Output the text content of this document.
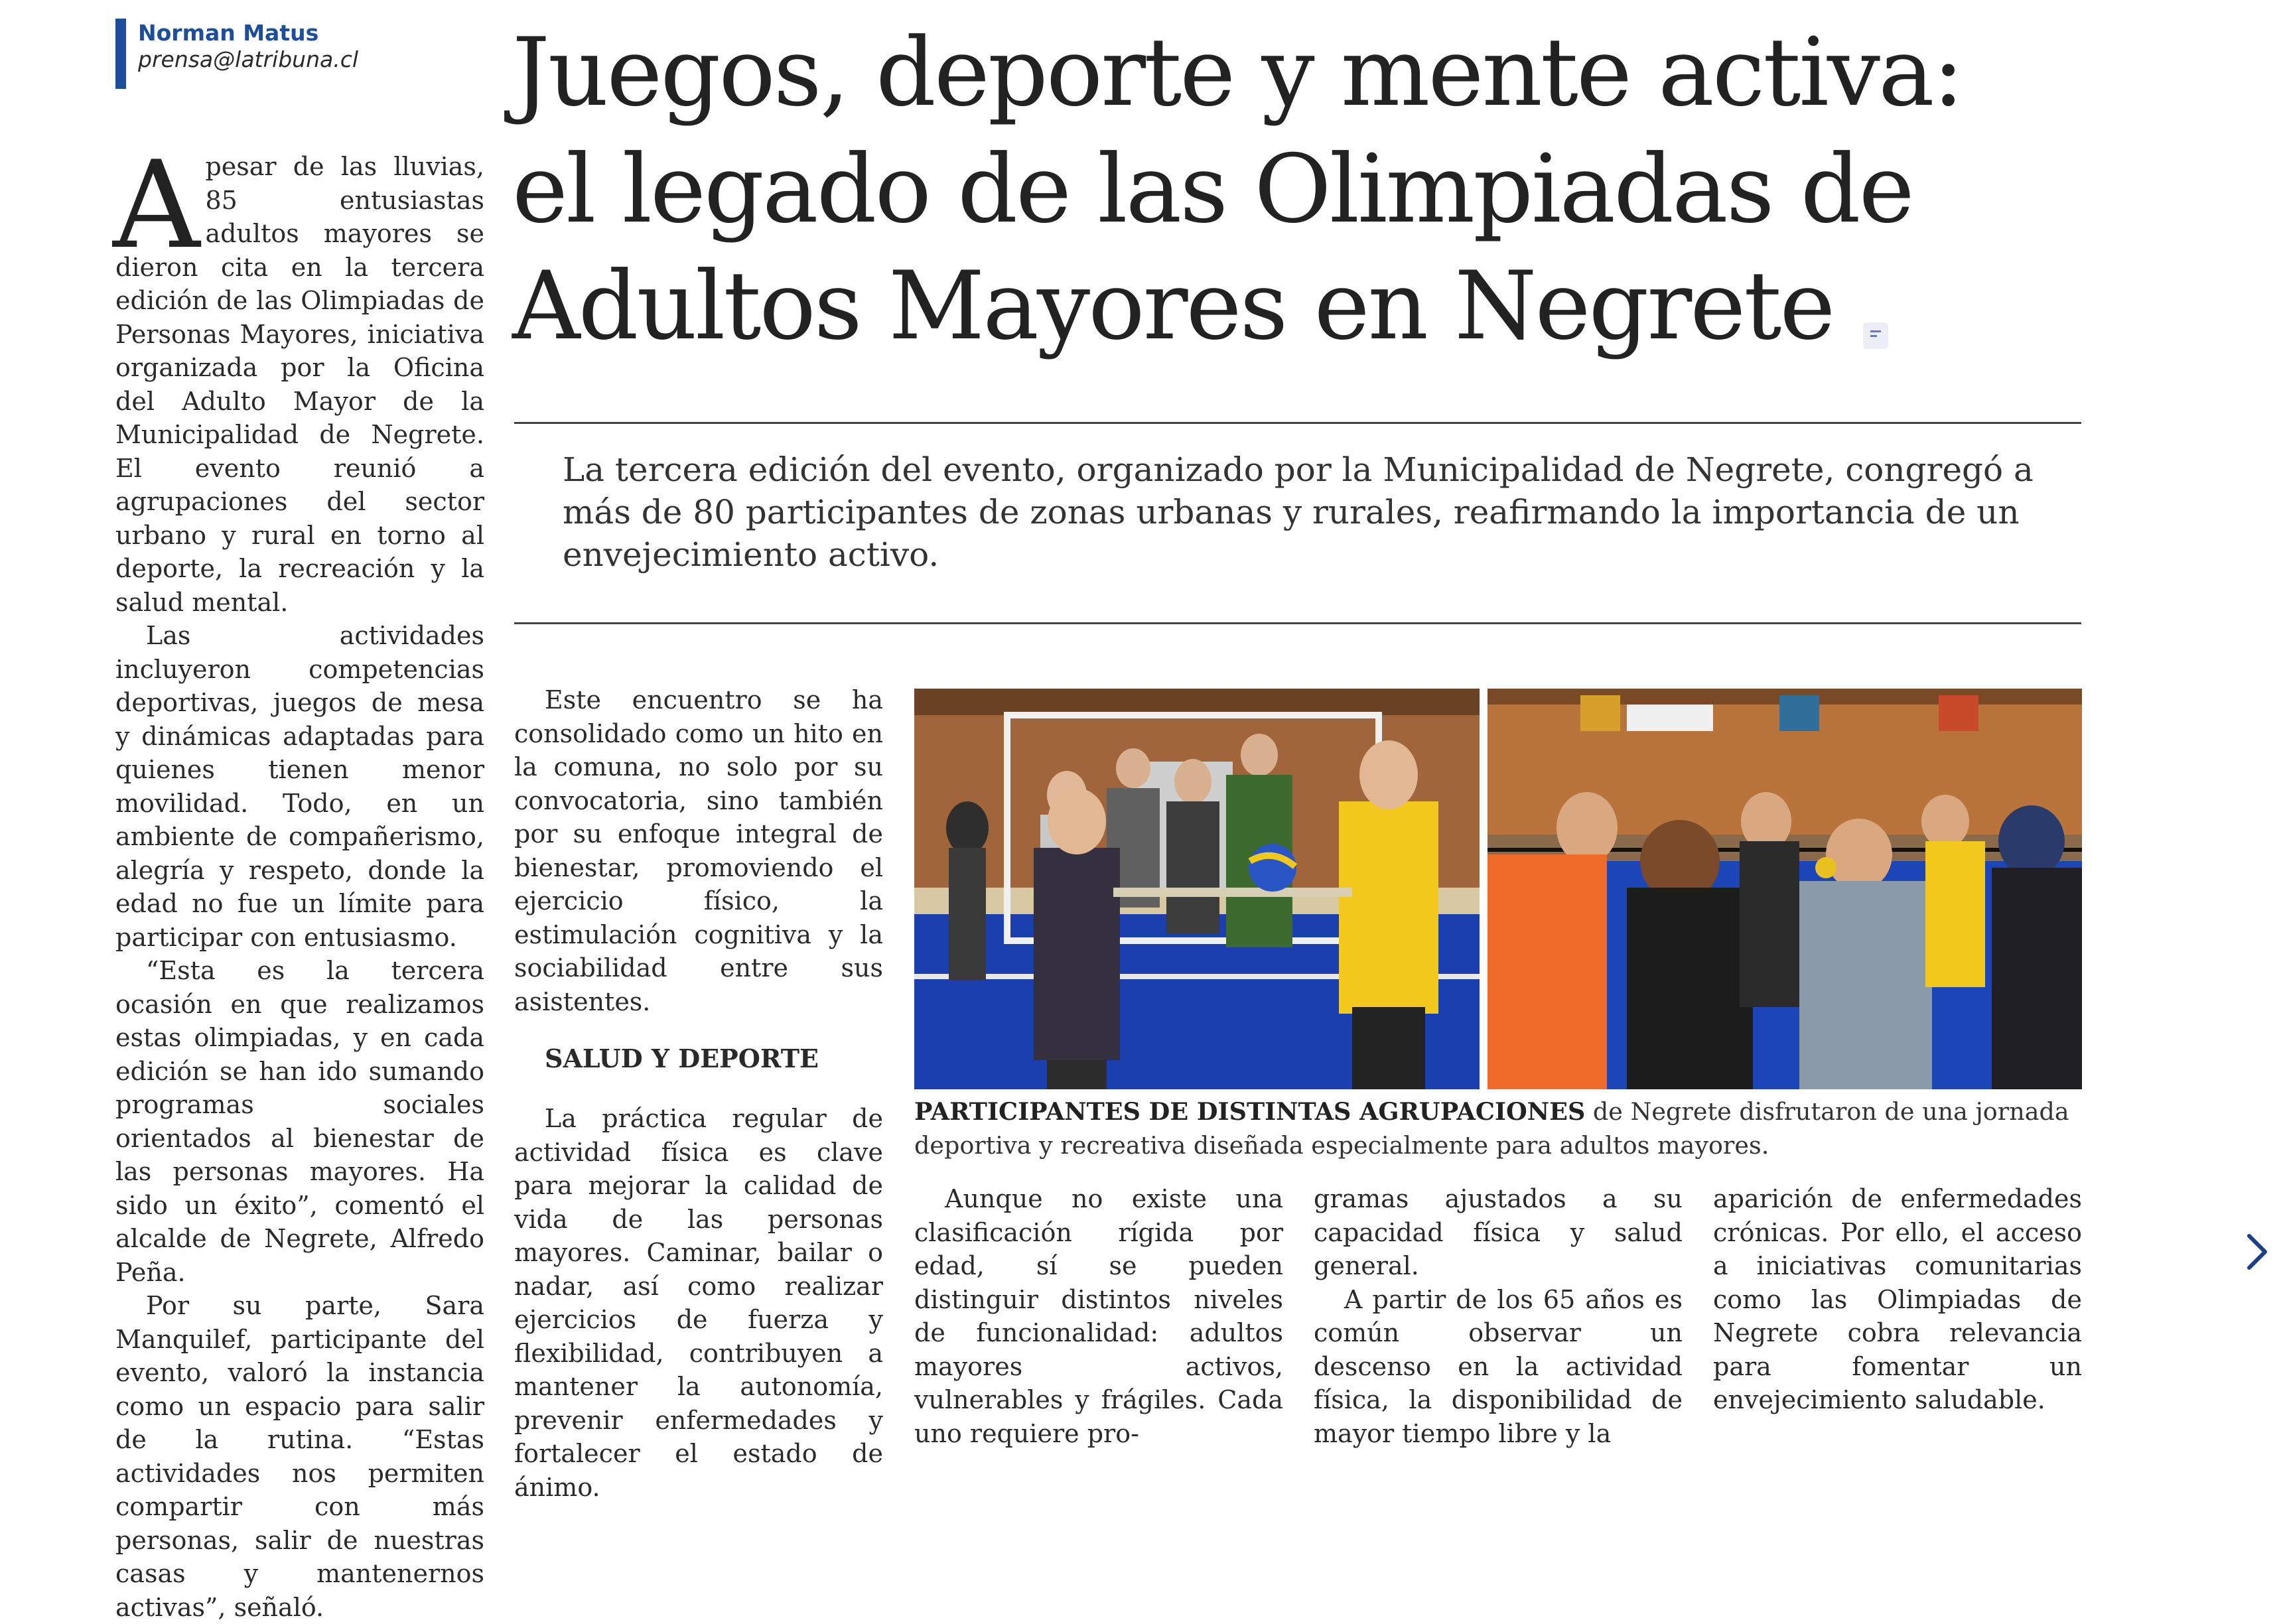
Norman Matus
prensa@latribuna.cl Juegos, deporte y mente activa:
el legado de las Olimpiadas de
Adultos Mayores en Negrete
La tercera edición del evento, organizado por la Municipalidad de Negrete, congregó a más de 80 participantes de zonas urbanas y rurales, reafirmando la importancia de un envejecimiento activo.

Apesar de las lluvias, 85 entusiastas adultos mayores se dieron cita en la tercera edición de las Olimpiadas de Personas Mayores, iniciativa organizada por la Oficina del Adulto Mayor de la Municipalidad de Negrete. El evento reunió a agrupaciones del sector urbano y rural en torno al deporte, la recreación y la salud mental.

Las actividades incluyeron competencias deportivas, juegos de mesa y dinámicas adaptadas para quienes tienen menor movilidad. Todo, en un ambiente de compañerismo, alegría y respeto, donde la edad no fue un límite para participar con entusiasmo.

“Esta es la tercera ocasión en que realizamos estas olimpiadas, y en cada edición se han ido sumando programas sociales orientados al bienestar de las personas mayores. Ha sido un éxito”, comentó el alcalde de Negrete, Alfredo Peña.

Por su parte, Sara Manquilef, participante del evento, valoró la instancia como un espacio para salir de la rutina. “Estas actividades nos permiten compartir con más personas, salir de nuestras casas y mantenernos activas”, señaló.

Este encuentro se ha consolidado como un hito en la comuna, no solo por su convocatoria, sino también por su enfoque integral de bienestar, promoviendo el ejercicio físico, la estimulación cognitiva y la sociabilidad entre sus asistentes.

SALUD Y DEPORTE

La práctica regular de actividad física es clave para mejorar la calidad de vida de las personas mayores. Caminar, bailar o nadar, así como realizar ejercicios de fuerza y flexibilidad, contribuyen a mantener la autonomía, prevenir enfermedades y fortalecer el estado de ánimo.

PARTICIPANTES DE DISTINTAS AGRUPACIONES de Negrete disfrutaron de una jornada deportiva y recreativa diseñada especialmente para adultos mayores.

Aunque no existe una clasificación rígida por edad, sí se pueden distinguir distintos niveles de funcionalidad: adultos mayores activos, vulnerables y frágiles. Cada uno requiere pro-

gramas ajustados a su capacidad física y salud general.

A partir de los 65 años es común observar un descenso en la actividad física, la disponibilidad de mayor tiempo libre y la

aparición de enfermedades crónicas. Por ello, el acceso a iniciativas comunitarias como las Olimpiadas de Negrete cobra relevancia para fomentar un envejecimiento saludable.
